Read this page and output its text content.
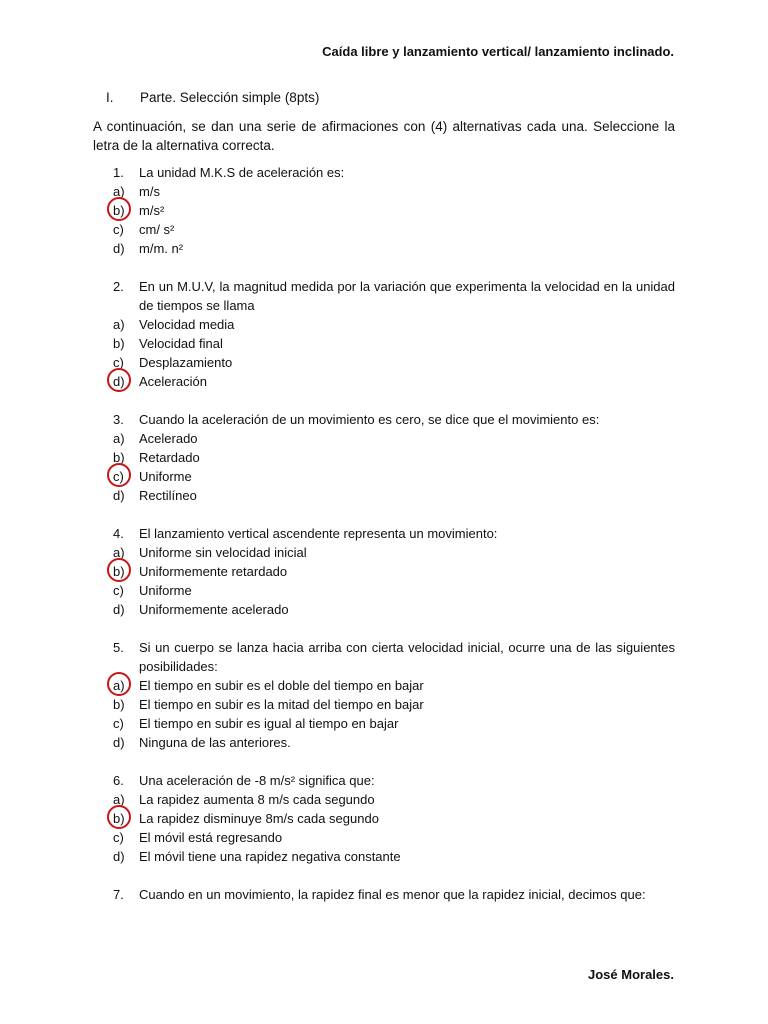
Caída libre y lanzamiento vertical/ lanzamiento inclinado.
I. Parte. Selección simple (8pts)
A continuación, se dan una serie de afirmaciones con (4) alternativas cada una. Seleccione la letra de la alternativa correcta.
1.	La unidad M.K.S de aceleración es:
a)	m/s
b)	m/s²
c)	cm/ s²
d)	m/m. n²
2.	En un M.U.V, la magnitud medida por la variación que experimenta la velocidad en la unidad de tiempos se llama
a)	Velocidad media
b)	Velocidad final
c)	Desplazamiento
d)	Aceleración
3.	Cuando la aceleración de un movimiento es cero, se dice que el movimiento es:
a)	Acelerado
b)	Retardado
c)	Uniforme
d)	Rectilíneo
4.	El lanzamiento vertical ascendente representa un movimiento:
a)	Uniforme sin velocidad inicial
b)	Uniformemente retardado
c)	Uniforme
d)	Uniformemente acelerado
5.	Si un cuerpo se lanza hacia arriba con cierta velocidad inicial, ocurre una de las siguientes posibilidades:
a)	El tiempo en subir es el doble del tiempo en bajar
b)	El tiempo en subir es la mitad del tiempo en bajar
c)	El tiempo en subir es igual al tiempo en bajar
d)	Ninguna de las anteriores.
6.	Una aceleración de -8 m/s² significa que:
a)	La rapidez aumenta 8 m/s cada segundo
b)	La rapidez disminuye 8m/s cada segundo
c)	El móvil está regresando
d)	El móvil tiene una rapidez negativa constante
7.	Cuando en un movimiento, la rapidez final es menor que la rapidez inicial, decimos que:
José Morales.
